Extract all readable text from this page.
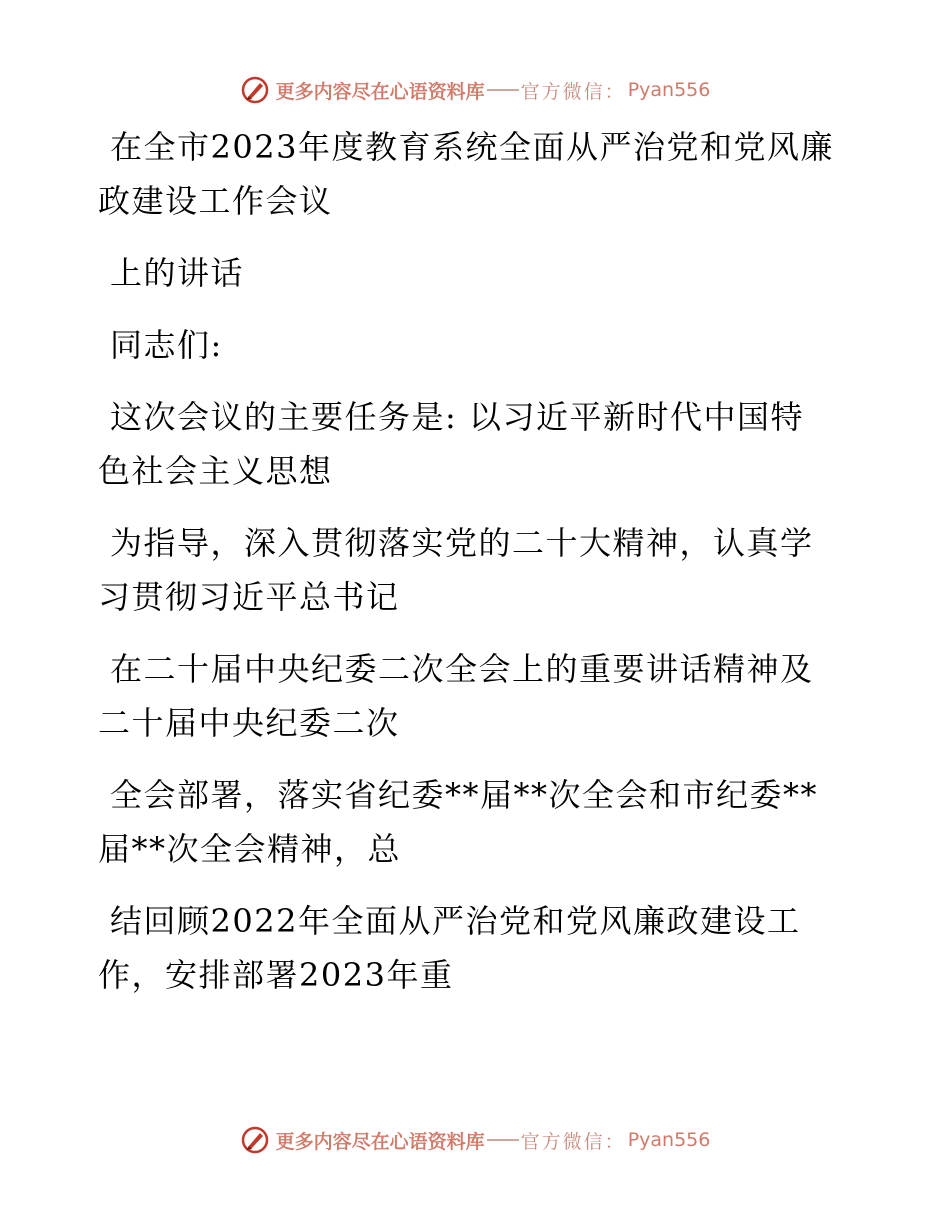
更多内容尽在心语资料库 官方微信： Pyan556

在全市2023年度教育系统全面从严治党和党风廉
政建设工作会议

上的讲话

同志们:

这次会议的主要任务是: 以习近平新时代中国特
色社会主义思想

为指导，深入贯彻落实党的二十大精神，认真学
习贯彻习近平总书记

在二十届中央纪委二次全会上的重要讲话精神及
二十届中央纪委二次

全会部署，落实省纪委**届**次全会和市纪委**
届**次全会精神，总

结回顾2022年全面从严治党和党风廉政建设工
作，安排部署2023年重

更多内容尽在心语资料库 官方微信： Pyan556
